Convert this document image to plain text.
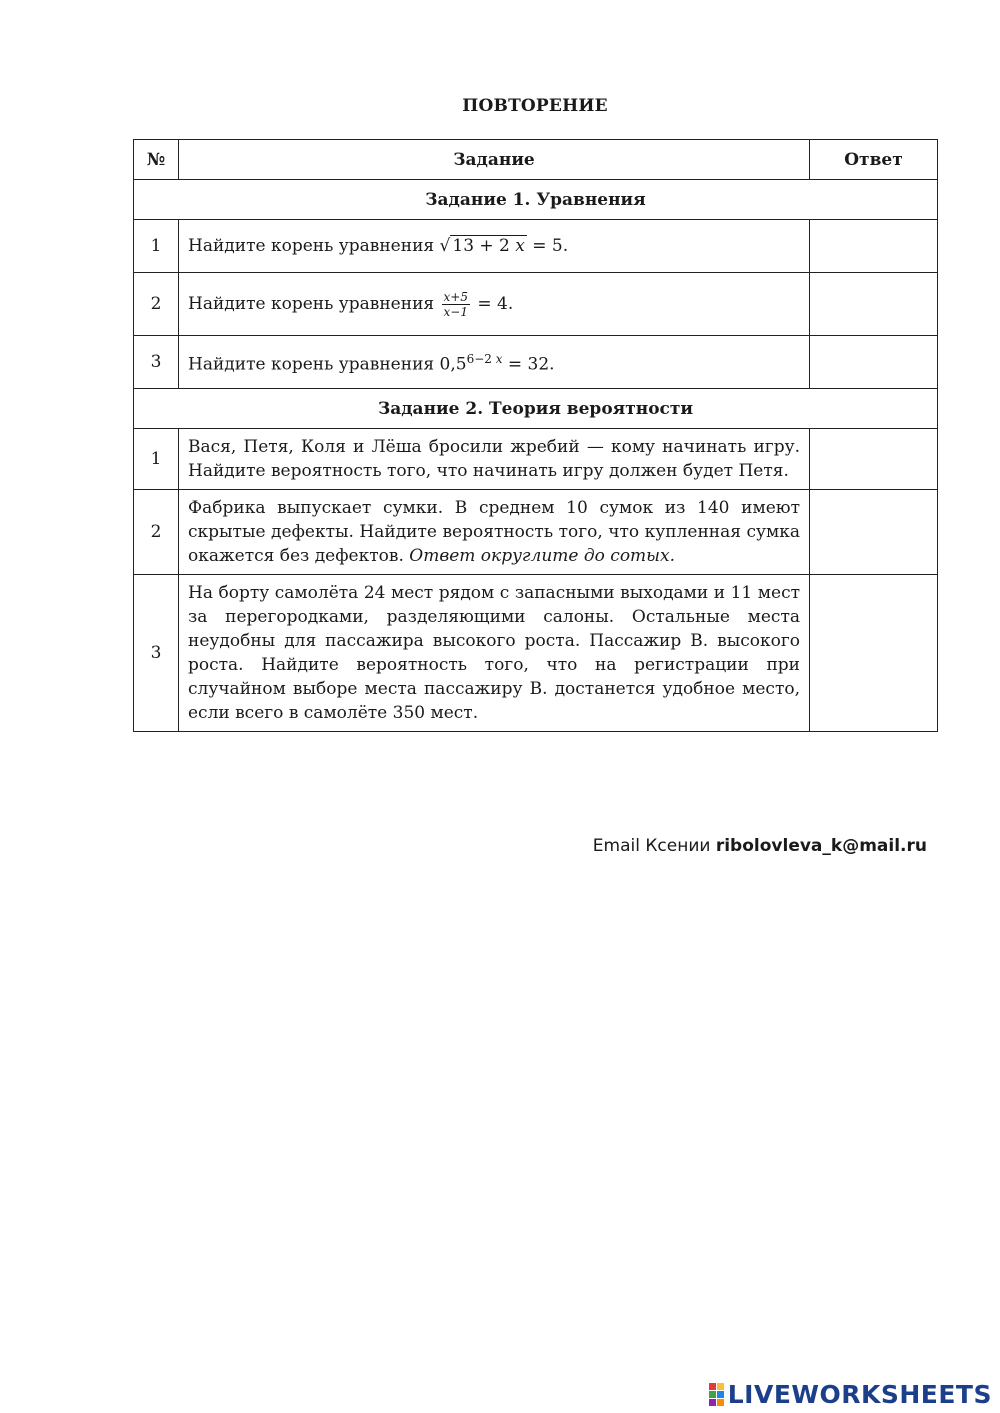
ПОВТОРЕНИЕ
№	Задание	Ответ
Задание 1. Уравнения		
1	Найдите корень уравнения √ 13 + 2 x = 5.	
2	Найдите корень уравнения $\frac{x+5}{x-1} = 4$.	
3	Найдите корень уравнения $0,5^{6-2 x} = 32$.	
Задание 2. Теория вероятности		
1	Вася, Петя, Коля и Лёша бросили жребий — кому начинать игру. Найдите вероятность того, что начинать игру должен будет Петя.	
2	Фабрика выпускает сумки. В среднем 10 сумок из 140 имеют скрытые дефекты. Найдите вероятность того, что купленная сумка окажется без дефектов. Ответ округлите до сотых.	
3	На борту самолёта 24 мест рядом с запасными выходами и 11 мест за перегородками, разделяющими салоны. Остальные места неудобны для пассажира высокого роста. Пассажир В. высокого роста. Найдите вероятность того, что на регистрации при случайном выборе места пассажиру В. достанется удобное место, если всего в самолёте 350 мест.	
Email Ксении ribolovleva_k@mail.ru
LIVEWORKSHEETS
